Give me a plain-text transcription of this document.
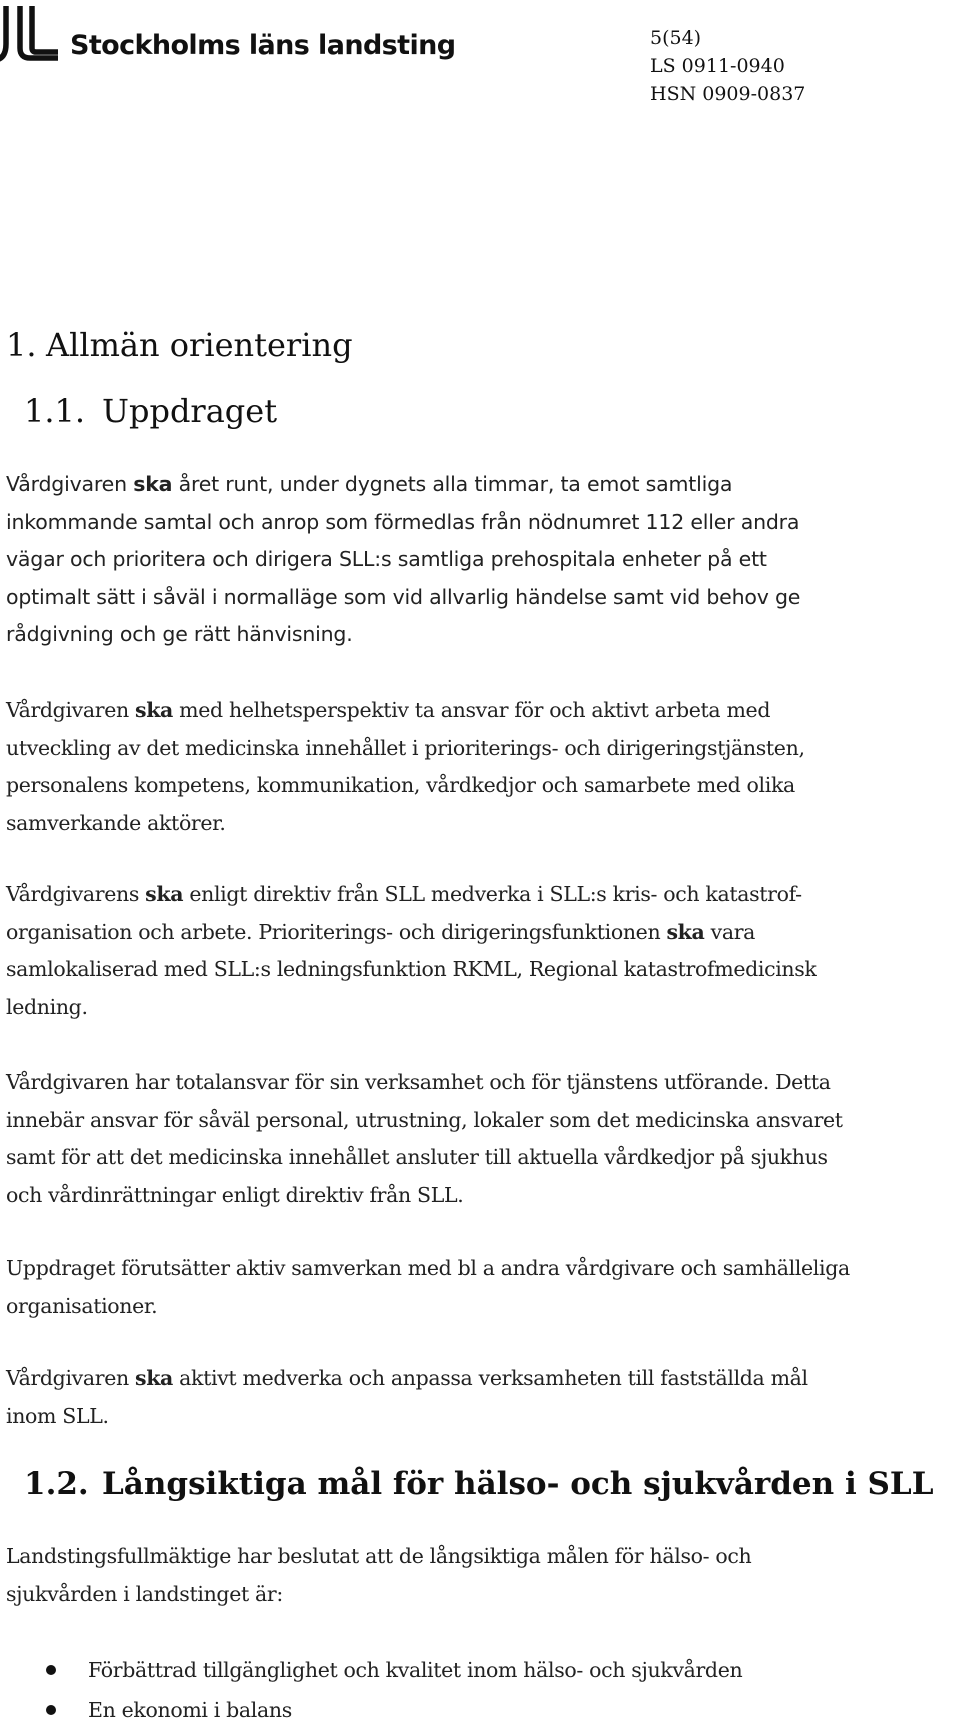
Stockholms läns landsting	5(54)
LS 0911-0940
HSN 0909-0837
1. Allmän orientering
1.1. Uppdraget
Vårdgivaren ska året runt, under dygnets alla timmar, ta emot samtliga
inkommande samtal och anrop som förmedlas från nödnumret 112 eller andra
vägar och prioritera och dirigera SLL:s samtliga prehospitala enheter på ett
optimalt sätt i såväl i normalläge som vid allvarlig händelse samt vid behov ge
rådgivning och ge rätt hänvisning.
Vårdgivaren ska med helhetsperspektiv ta ansvar för och aktivt arbeta med
utveckling av det medicinska innehållet i prioriterings- och dirigeringstjänsten,
personalens kompetens, kommunikation, vårdkedjor och samarbete med olika
samverkande aktörer.
Vårdgivarens ska enligt direktiv från SLL medverka i SLL:s kris- och katastrof-
organisation och arbete. Prioriterings- och dirigeringsfunktionen ska vara
samlokaliserad med SLL:s ledningsfunktion RKML, Regional katastrofmedicinsk
ledning.
Vårdgivaren har totalansvar för sin verksamhet och för tjänstens utförande. Detta
innebär ansvar för såväl personal, utrustning, lokaler som det medicinska ansvaret
samt för att det medicinska innehållet ansluter till aktuella vårdkedjor på sjukhus
och vårdinrättningar enligt direktiv från SLL.
Uppdraget förutsätter aktiv samverkan med bl a andra vårdgivare och samhälleliga
organisationer.
Vårdgivaren ska aktivt medverka och anpassa verksamheten till fastställda mål
inom SLL.
1.2. Långsiktiga mål för hälso- och sjukvården i SLL
Landstingsfullmäktige har beslutat att de långsiktiga målen för hälso- och
sjukvården i landstinget är:
Förbättrad tillgänglighet och kvalitet inom hälso- och sjukvården
En ekonomi i balans
